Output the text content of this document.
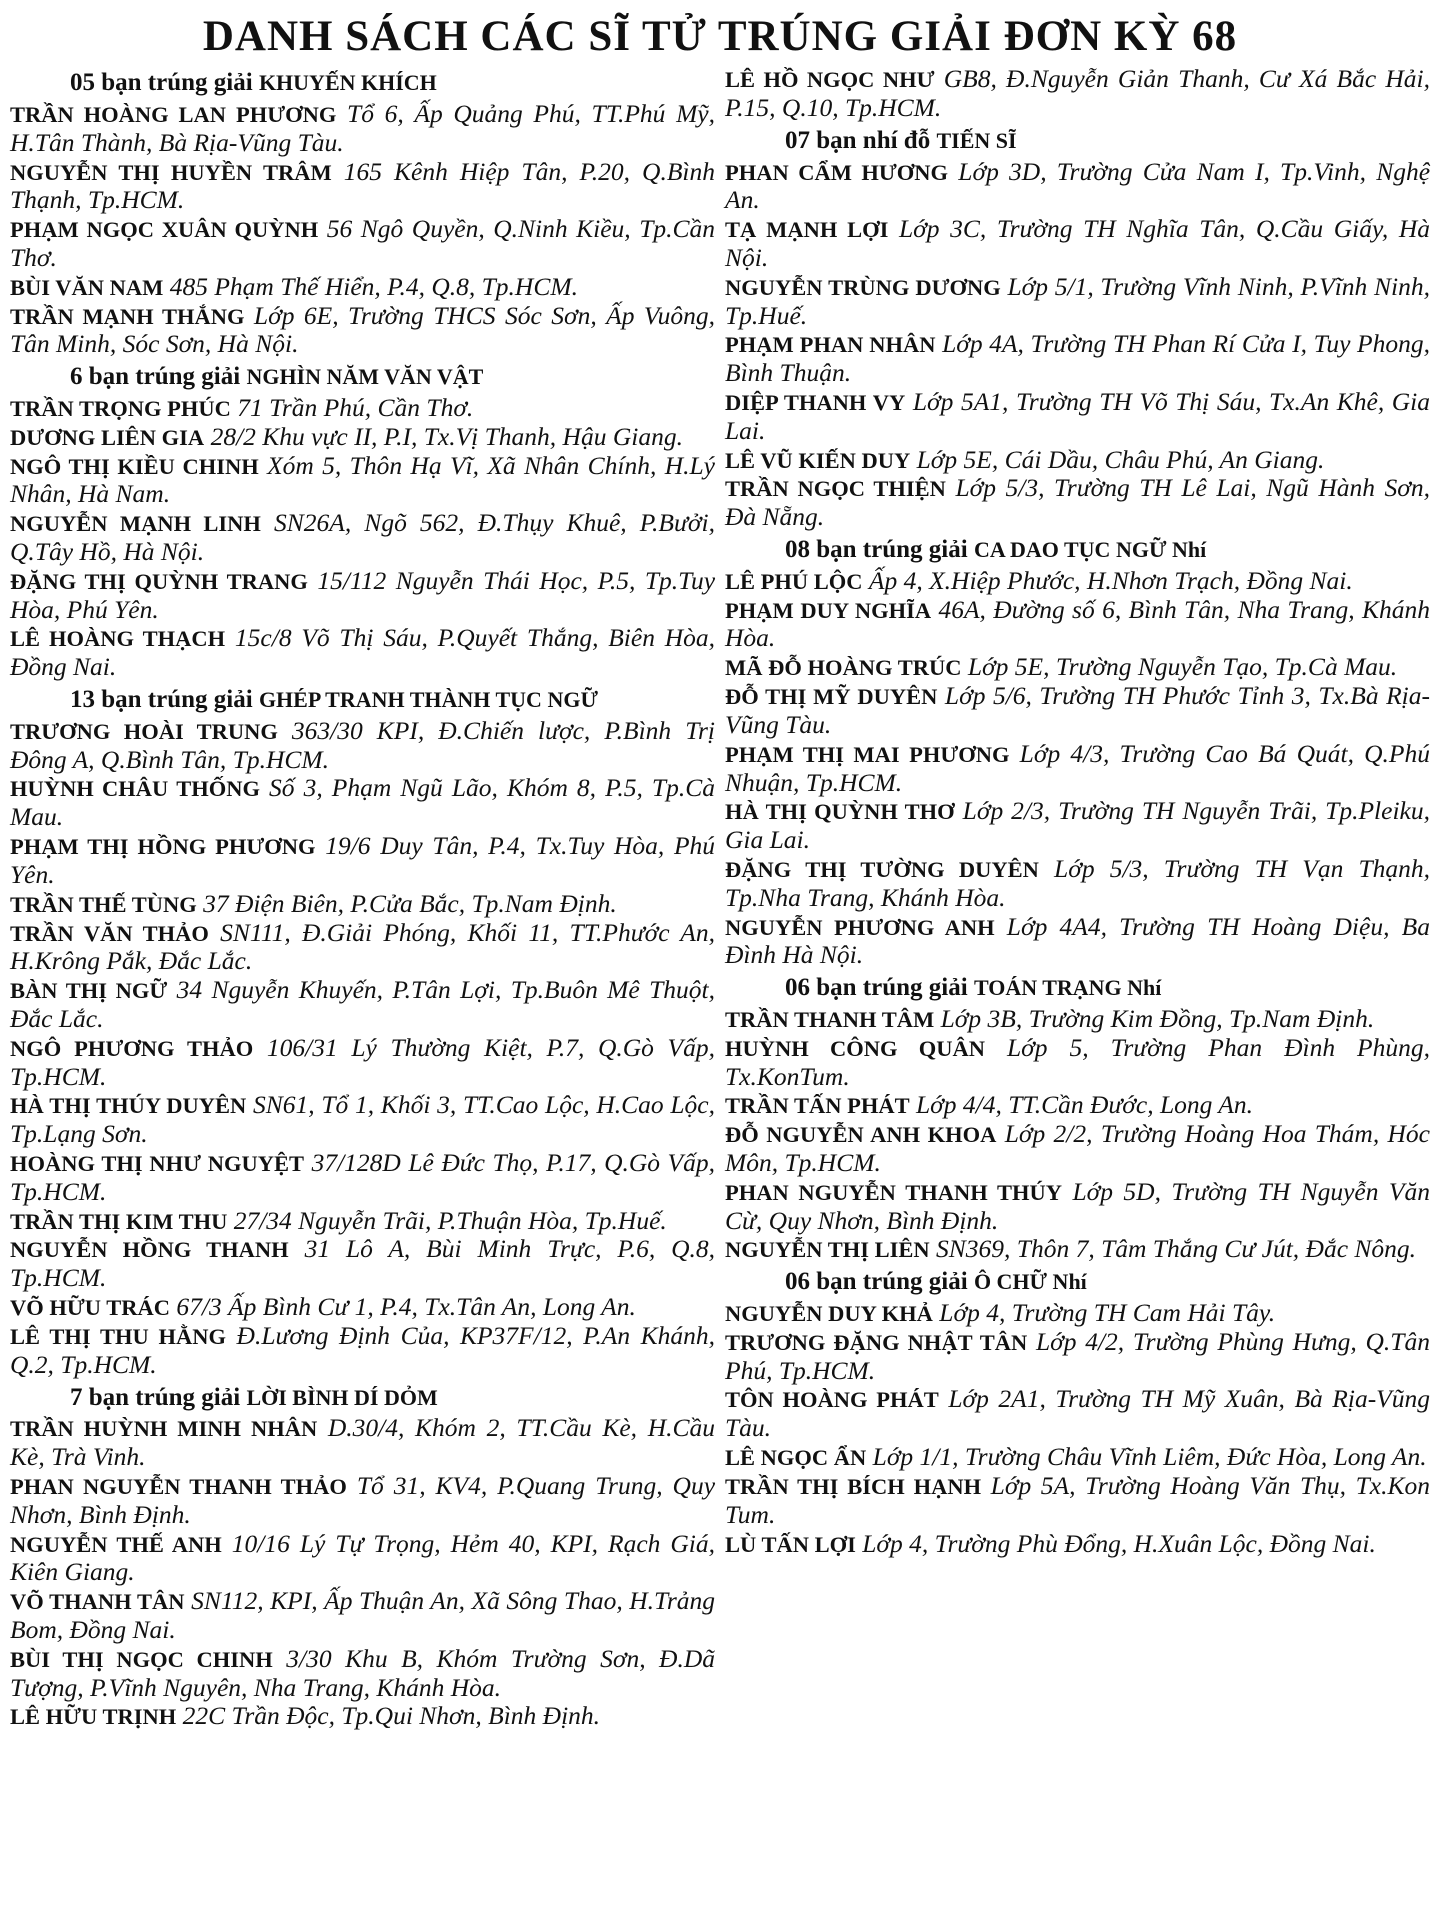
DANH SÁCH CÁC SĨ TỬ TRÚNG GIẢI ĐƠN KỲ 68
05 bạn trúng giải KHUYẾN KHÍCH

TRẦN HOÀNG LAN PHƯƠNG Tổ 6, Ấp Quảng Phú, TT.Phú Mỹ, H.Tân Thành, Bà Rịa-Vũng Tàu.

NGUYỄN THỊ HUYỀN TRÂM 165 Kênh Hiệp Tân, P.20, Q.Bình Thạnh, Tp.HCM.

PHẠM NGỌC XUÂN QUỲNH 56 Ngô Quyền, Q.Ninh Kiều, Tp.Cần Thơ.

BÙI VĂN NAM 485 Phạm Thế Hiển, P.4, Q.8, Tp.HCM.

TRẦN MẠNH THẮNG Lớp 6E, Trường THCS Sóc Sơn, Ấp Vuông, Tân Minh, Sóc Sơn, Hà Nội.

6 bạn trúng giải NGHÌN NĂM VĂN VẬT

TRẦN TRỌNG PHÚC 71 Trần Phú, Cần Thơ.

DƯƠNG LIÊN GIA 28/2 Khu vực II, P.I, Tx.Vị Thanh, Hậu Giang.

NGÔ THỊ KIỀU CHINH Xóm 5, Thôn Hạ Vĩ, Xã Nhân Chính, H.Lý Nhân, Hà Nam.

NGUYỄN MẠNH LINH SN26A, Ngõ 562, Đ.Thụy Khuê, P.Bưởi, Q.Tây Hồ, Hà Nội.

ĐẶNG THỊ QUỲNH TRANG 15/112 Nguyễn Thái Học, P.5, Tp.Tuy Hòa, Phú Yên.

LÊ HOÀNG THẠCH 15c/8 Võ Thị Sáu, P.Quyết Thắng, Biên Hòa, Đồng Nai.

13 bạn trúng giải GHÉP TRANH THÀNH TỤC NGỮ

TRƯƠNG HOÀI TRUNG 363/30 KPI, Đ.Chiến lược, P.Bình Trị Đông A, Q.Bình Tân, Tp.HCM.

HUỲNH CHÂU THỐNG Số 3, Phạm Ngũ Lão, Khóm 8, P.5, Tp.Cà Mau.

PHẠM THỊ HỒNG PHƯƠNG 19/6 Duy Tân, P.4, Tx.Tuy Hòa, Phú Yên.

TRẦN THẾ TÙNG 37 Điện Biên, P.Cửa Bắc, Tp.Nam Định.

TRẦN VĂN THẢO SN111, Đ.Giải Phóng, Khối 11, TT.Phước An, H.Krông Pắk, Đắc Lắc.

BÀN THỊ NGỮ 34 Nguyễn Khuyến, P.Tân Lợi, Tp.Buôn Mê Thuột, Đắc Lắc.

NGÔ PHƯƠNG THẢO 106/31 Lý Thường Kiệt, P.7, Q.Gò Vấp, Tp.HCM.

HÀ THỊ THÚY DUYÊN SN61, Tổ 1, Khối 3, TT.Cao Lộc, H.Cao Lộc, Tp.Lạng Sơn.

HOÀNG THỊ NHƯ NGUYỆT 37/128D Lê Đức Thọ, P.17, Q.Gò Vấp, Tp.HCM.

TRẦN THỊ KIM THU 27/34 Nguyễn Trãi, P.Thuận Hòa, Tp.Huế.

NGUYỄN HỒNG THANH 31 Lô A, Bùi Minh Trực, P.6, Q.8, Tp.HCM.

VÕ HỮU TRÁC 67/3 Ấp Bình Cư 1, P.4, Tx.Tân An, Long An.

LÊ THỊ THU HẰNG Đ.Lương Định Của, KP37F/12, P.An Khánh, Q.2, Tp.HCM.

7 bạn trúng giải LỜI BÌNH DÍ DỎM

TRẦN HUỲNH MINH NHÂN D.30/4, Khóm 2, TT.Cầu Kè, H.Cầu Kè, Trà Vinh.

PHAN NGUYỄN THANH THẢO Tổ 31, KV4, P.Quang Trung, Quy Nhơn, Bình Định.

NGUYỄN THẾ ANH 10/16 Lý Tự Trọng, Hẻm 40, KPI, Rạch Giá, Kiên Giang.

VÕ THANH TÂN SN112, KPI, Ấp Thuận An, Xã Sông Thao, H.Trảng Bom, Đồng Nai.

BÙI THỊ NGỌC CHINH 3/30 Khu B, Khóm Trường Sơn, Đ.Dã Tượng, P.Vĩnh Nguyên, Nha Trang, Khánh Hòa.

LÊ HỮU TRỊNH 22C Trần Độc, Tp.Qui Nhơn, Bình Định.

LÊ HỒ NGỌC NHƯ GB8, Đ.Nguyễn Giản Thanh, Cư Xá Bắc Hải, P.15, Q.10, Tp.HCM.

07 bạn nhí đỗ TIẾN SĨ

PHAN CẨM HƯƠNG Lớp 3D, Trường Cửa Nam I, Tp.Vinh, Nghệ An.

TẠ MẠNH LỢI Lớp 3C, Trường TH Nghĩa Tân, Q.Cầu Giấy, Hà Nội.

NGUYỄN TRÙNG DƯƠNG Lớp 5/1, Trường Vĩnh Ninh, P.Vĩnh Ninh, Tp.Huế.

PHẠM PHAN NHÂN Lớp 4A, Trường TH Phan Rí Cửa I, Tuy Phong, Bình Thuận.

DIỆP THANH VY Lớp 5A1, Trường TH Võ Thị Sáu, Tx.An Khê, Gia Lai.

LÊ VŨ KIẾN DUY Lớp 5E, Cái Dầu, Châu Phú, An Giang.

TRẦN NGỌC THIỆN Lớp 5/3, Trường TH Lê Lai, Ngũ Hành Sơn, Đà Nẵng.

08 bạn trúng giải CA DAO TỤC NGỮ Nhí

LÊ PHÚ LỘC Ấp 4, X.Hiệp Phước, H.Nhơn Trạch, Đồng Nai.

PHẠM DUY NGHĨA 46A, Đường số 6, Bình Tân, Nha Trang, Khánh Hòa.

MÃ ĐỖ HOÀNG TRÚC Lớp 5E, Trường Nguyễn Tạo, Tp.Cà Mau.

ĐỖ THỊ MỸ DUYÊN Lớp 5/6, Trường TH Phước Tỉnh 3, Tx.Bà Rịa-Vũng Tàu.

PHẠM THỊ MAI PHƯƠNG Lớp 4/3, Trường Cao Bá Quát, Q.Phú Nhuận, Tp.HCM.

HÀ THỊ QUỲNH THƠ Lớp 2/3, Trường TH Nguyễn Trãi, Tp.Pleiku, Gia Lai.

ĐẶNG THỊ TƯỜNG DUYÊN Lớp 5/3, Trường TH Vạn Thạnh, Tp.Nha Trang, Khánh Hòa.

NGUYỄN PHƯƠNG ANH Lớp 4A4, Trường TH Hoàng Diệu, Ba Đình Hà Nội.

06 bạn trúng giải TOÁN TRẠNG Nhí

TRẦN THANH TÂM Lớp 3B, Trường Kim Đồng, Tp.Nam Định.

HUỲNH CÔNG QUÂN Lớp 5, Trường Phan Đình Phùng, Tx.KonTum.

TRẦN TẤN PHÁT Lớp 4/4, TT.Cần Đước, Long An.

ĐỖ NGUYỄN ANH KHOA Lớp 2/2, Trường Hoàng Hoa Thám, Hóc Môn, Tp.HCM.

PHAN NGUYỄN THANH THÚY Lớp 5D, Trường TH Nguyễn Văn Cừ, Quy Nhơn, Bình Định.

NGUYỄN THỊ LIÊN SN369, Thôn 7, Tâm Thắng Cư Jút, Đắc Nông.

06 bạn trúng giải Ô CHỮ Nhí

NGUYỄN DUY KHẢ Lớp 4, Trường TH Cam Hải Tây.

TRƯƠNG ĐẶNG NHẬT TÂN Lớp 4/2, Trường Phùng Hưng, Q.Tân Phú, Tp.HCM.

TÔN HOÀNG PHÁT Lớp 2A1, Trường TH Mỹ Xuân, Bà Rịa-Vũng Tàu.

LÊ NGỌC ẨN Lớp 1/1, Trường Châu Vĩnh Liêm, Đức Hòa, Long An.

TRẦN THỊ BÍCH HẠNH Lớp 5A, Trường Hoàng Văn Thụ, Tx.Kon Tum.

LÙ TẤN LỢI Lớp 4, Trường Phù Đổng, H.Xuân Lộc, Đồng Nai.
